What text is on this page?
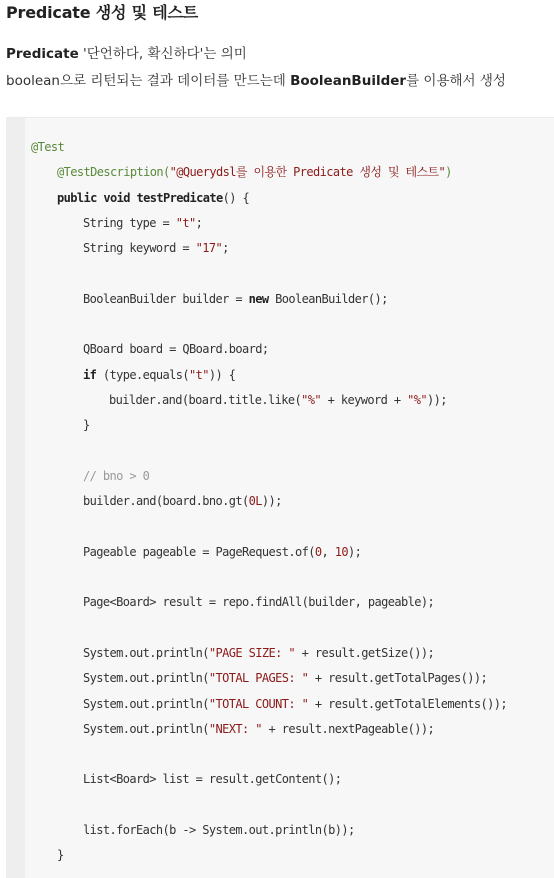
Predicate 생성 및 테스트
Predicate '단언하다, 확신하다'는 의미
boolean으로 리턴되는 결과 데이터를 만드는데 BooleanBuilder를 이용해서 생성
@Test
@TestDescription("@Querydsl를 이용한 Predicate 생성 및 테스트")
public void testPredicate() {
String type = "t";
String keyword = "17";

BooleanBuilder builder = new BooleanBuilder();

QBoard board = QBoard.board;
if (type.equals("t")) {
builder.and(board.title.like("%" + keyword + "%"));
}

// bno > 0
builder.and(board.bno.gt(0L));

Pageable pageable = PageRequest.of(0, 10);

Page<Board> result = repo.findAll(builder, pageable);

System.out.println("PAGE SIZE: " + result.getSize());
System.out.println("TOTAL PAGES: " + result.getTotalPages());
System.out.println("TOTAL COUNT: " + result.getTotalElements());
System.out.println("NEXT: " + result.nextPageable());

List<Board> list = result.getContent();

list.forEach(b -> System.out.println(b));
}
